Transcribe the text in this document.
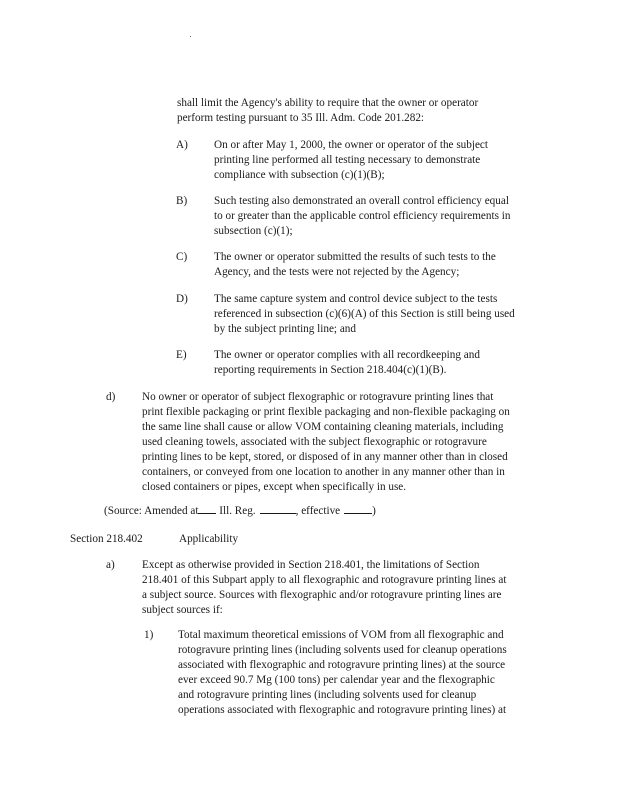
shall limit the Agency's ability to require that the owner or operator
perform testing pursuant to 35 Ill. Adm. Code 201.282:
A) On or after May 1, 2000, the owner or operator of the subject
printing line performed all testing necessary to demonstrate
compliance with subsection (c)(1)(B);
B) Such testing also demonstrated an overall control efficiency equal
to or greater than the applicable control efficiency requirements in
subsection (c)(1);
C) The owner or operator submitted the results of such tests to the
Agency, and the tests were not rejected by the Agency;
D) The same capture system and control device subject to the tests
referenced in subsection (c)(6)(A) of this Section is still being used
by the subject printing line; and
E) The owner or operator complies with all recordkeeping and
reporting requirements in Section 218.404(c)(1)(B).
d) No owner or operator of subject flexographic or rotogravure printing lines that
print flexible packaging or print flexible packaging and non-flexible packaging on
the same line shall cause or allow VOM containing cleaning materials, including
used cleaning towels, associated with the subject flexographic or rotogravure
printing lines to be kept, stored, or disposed of in any manner other than in closed
containers, or conveyed from one location to another in any manner other than in
closed containers or pipes, except when specifically in use.
(Source: Amended at Ill. Reg.	, effective	)
Section 218.402	Applicability
a) Except as otherwise provided in Section 218.401, the limitations of Section
218.401 of this Subpart apply to all flexographic and rotogravure printing lines at
a subject source. Sources with flexographic and/or rotogravure printing lines are
subject sources if:
1) Total maximum theoretical emissions of VOM from all flexographic and
rotogravure printing lines (including solvents used for cleanup operations
associated with flexographic and rotogravure printing lines) at the source
ever exceed 90.7 Mg (100 tons) per calendar year and the flexographic
and rotogravure printing lines (including solvents used for cleanup
operations associated with flexographic and rotogravure printing lines) at
